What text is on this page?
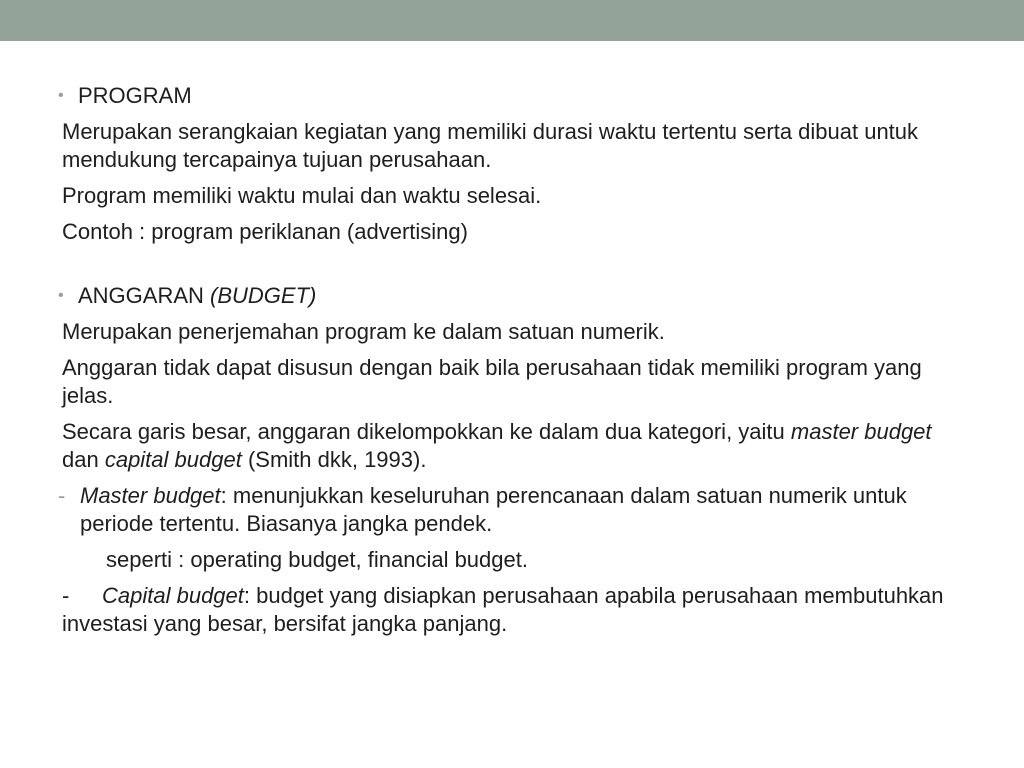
• PROGRAM

Merupakan serangkaian kegiatan yang memiliki durasi waktu tertentu serta dibuat untuk mendukung tercapainya tujuan perusahaan.

Program memiliki waktu mulai dan waktu selesai.

Contoh : program periklanan (advertising)

• ANGGARAN (BUDGET)

Merupakan penerjemahan program ke dalam satuan numerik.

Anggaran tidak dapat disusun dengan baik bila perusahaan tidak memiliki program yang jelas.

Secara garis besar, anggaran dikelompokkan ke dalam dua kategori, yaitu master budget dan capital budget (Smith dkk, 1993).

- Master budget: menunjukkan keseluruhan perencanaan dalam satuan numerik untuk periode tertentu. Biasanya jangka pendek.

seperti : operating budget, financial budget.

- Capital budget: budget yang disiapkan perusahaan apabila perusahaan membutuhkan investasi yang besar, bersifat jangka panjang.
